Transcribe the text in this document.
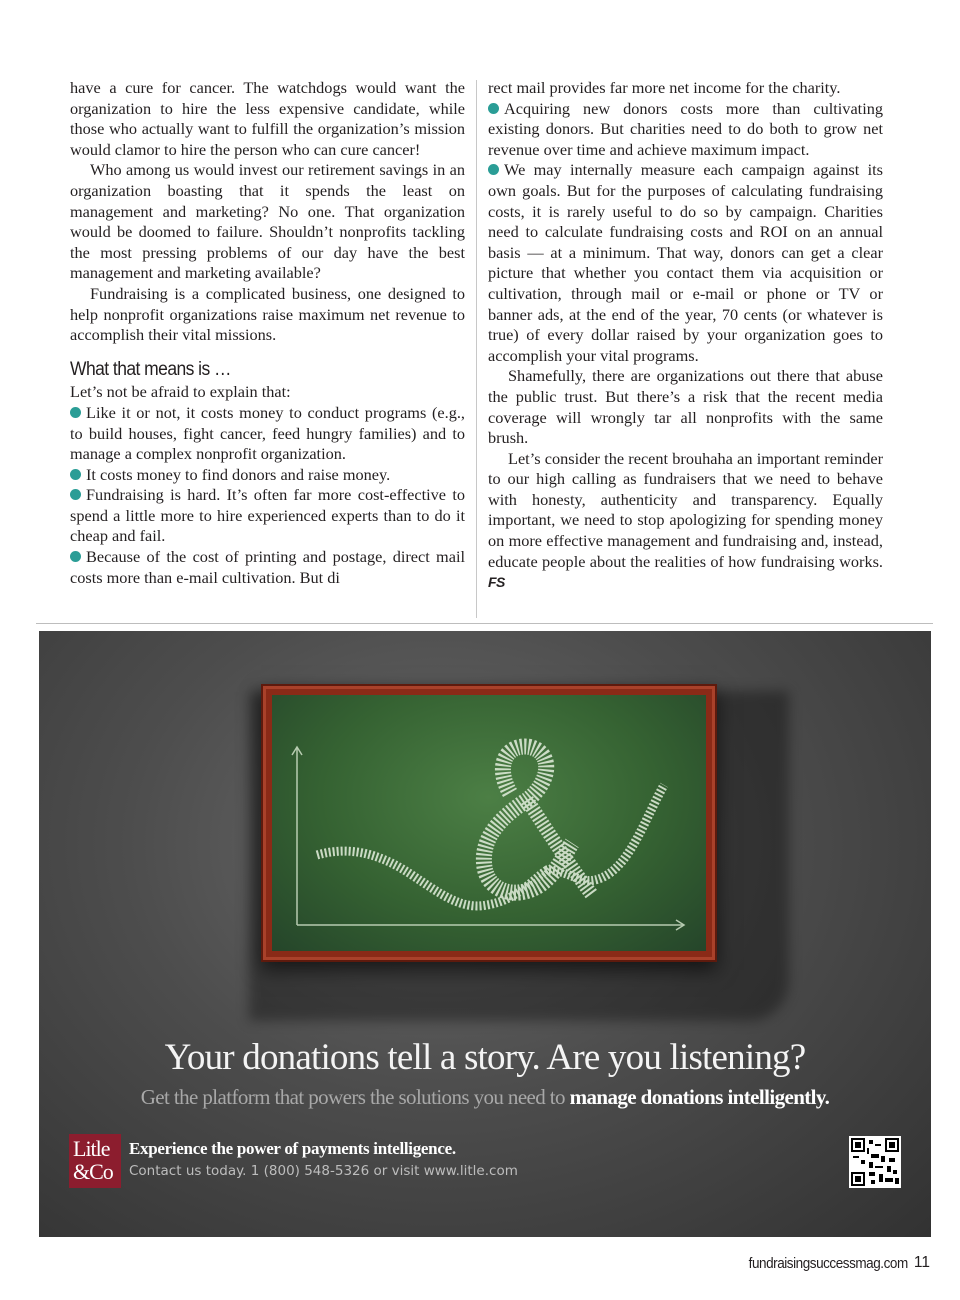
have a cure for cancer. The watchdogs would want the organization to hire the less expensive candidate, while those who actually want to fulfill the organization’s mission would clamor to hire the person who can cure cancer!

Who among us would invest our retirement savings in an organization boasting that it spends the least on management and marketing? No one. That organization would be doomed to failure. Shouldn’t nonprofits tackling the most pressing problems of our day have the best management and marketing available?

Fundraising is a complicated business, one designed to help nonprofit organizations raise maximum net revenue to accomplish their vital missions.

What that means is …

Let’s not be afraid to explain that:

Like it or not, it costs money to conduct programs (e.g., to build houses, fight cancer, feed hungry families) and to manage a complex nonprofit organization.

It costs money to find donors and raise money.

Fundraising is hard. It’s often far more cost-effective to spend a little more to hire experienced experts than to do it cheap and fail.

Because of the cost of printing and postage, direct mail costs more than e-mail cultivation. But di

rect mail provides far more net income for the charity.

Acquiring new donors costs more than cultivating existing donors. But charities need to do both to grow net revenue over time and achieve maximum impact.

We may internally measure each campaign against its own goals. But for the purposes of calculating fundraising costs, it is rarely useful to do so by campaign. Charities need to calculate fundraising costs and ROI on an annual basis — at a minimum. That way, donors can get a clear picture that whether you contact them via acquisition or cultivation, through mail or e-mail or phone or TV or banner ads, at the end of the year, 70 cents (or whatever is true) of every dollar raised by your organization goes to accomplish your vital programs.

Shamefully, there are organizations out there that abuse the public trust. But there’s a risk that the recent media coverage will wrongly tar all nonprofits with the same brush.

Let’s consider the recent brouhaha an important reminder to our high calling as fundraisers that we need to behave with honesty, authenticity and transparency. Equally important, we need to stop apologizing for spending money on more effective management and fundraising and, instead, educate people about the realities of how fundraising works. FS

Your donations tell a story. Are you listening?
Get the platform that powers the solutions you need to manage donations intelligently.
Litle
&Co
Experience the power of payments intelligence.
Contact us today. 1 (800) 548-5326 or visit www.litle.com
fundraisingsuccessmag.com 11
